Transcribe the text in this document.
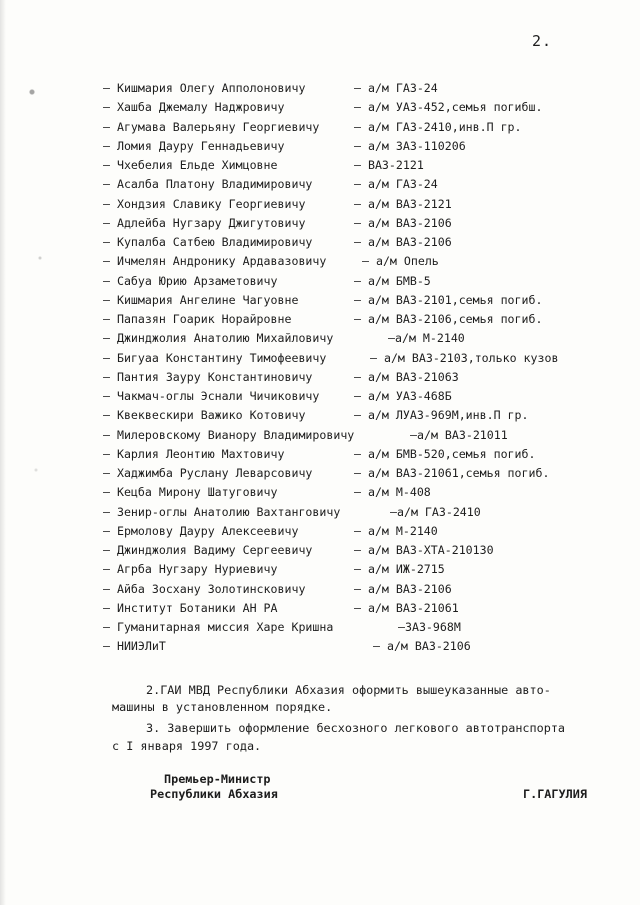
2.
– Кишмария Олегу Апполоновичу	– а/м ГАЗ-24
– Хашба Джемалу Наджровичу	– а/м УАЗ-452,семья погибш.
– Агумава Валерьяну Георгиевичу	– а/м ГАЗ-2410,инв.П гр.
– Ломия Дауру Геннадьевичу	– а/м ЗАЗ-110206
– Чхебелия Ельде Химцовне	– ВАЗ-2121
– Асалба Платону Владимировичу	– а/м ГАЗ-24
– Хондзия Славику Георгиевичу	– а/м ВАЗ-2121
– Адлейба Нугзару Джигутовичу	– а/м ВАЗ-2106
– Купалба Сатбею Владимировичу	– а/м ВАЗ-2106
– Ичмелян Андронику Ардавазовичу	– а/м Опель
– Сабуа Юрию Арзаметовичу	– а/м БМВ-5
– Кишмария Ангелине Чагуовне	– а/м ВАЗ-2101,семья погиб.
– Папазян Гоарик Норайровне	– а/м ВАЗ-2106,семья погиб.
– Джинджолия Анатолию Михайловичу	–а/м М-2140
– Бигуаа Константину Тимофеевичу	– а/м ВАЗ-2103,только кузов
– Пантия Зауру Константиновичу	– а/м ВАЗ-21063
– Чакмач-оглы Эснали Чичиковичу	– а/м УАЗ-468Б
– Квеквескири Важико Котовичу	– а/м ЛУАЗ-969М,инв.П гр.
– Милеровскому Вианору Владимировичу	–а/м ВАЗ-21011
– Карлия Леонтию Махтовичу	– а/м БМВ-520,семья погиб.
– Хаджимба Руслану Леварсовичу	– а/м ВАЗ-21061,семья погиб.
– Кецба Мирону Шатуговичу	– а/м М-408
– Зенир-оглы Анатолию Вахтанговичу	–а/м ГАЗ-2410
– Ермолову Дауру Алексеевичу	– а/м М-2140
– Джинджолия Вадиму Сергеевичу	– а/м ВАЗ-ХТА-210130
– Агрба Нугзару Нуриевичу	– а/м ИЖ-2715
– Айба Зосхану Золотинсковичу	– а/м ВАЗ-2106
– Институт Ботаники АН РА	– а/м ВАЗ-21061
– Гуманитарная миссия Харе Кришна	–ЗАЗ-968М
– НИИЭЛиТ	– а/м ВАЗ-2106
2.ГАИ МВД Республики Абхазия оформить вышеуказанные авто-
машины в установленном порядке.
3. Завершить оформление бесхозного легкового автотранспорта
с I января 1997 года.
Премьер-Министр
Республики Абхазия	Г.ГАГУЛИЯ
